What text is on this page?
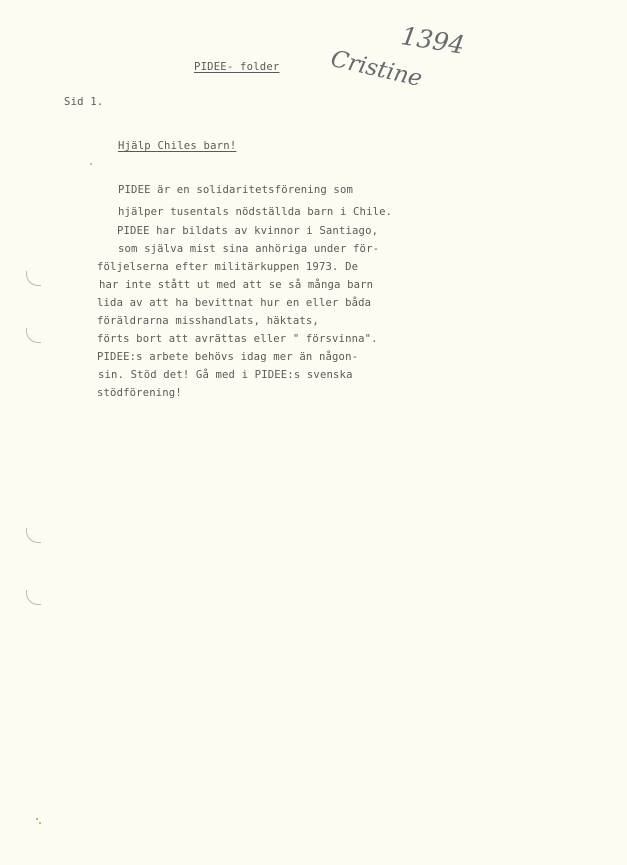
1394
Cristine
PIDEE- folder
Sid 1.
Hjälp Chiles barn!
PIDEE är en solidaritetsförening som
hjälper tusentals nödställda barn i Chile.
PIDEE har bildats av kvinnor i Santiago,
som själva mist sina anhöriga under för-
följelserna efter militärkuppen 1973. De
har inte stått ut med att se så många barn
lida av att ha bevittnat hur en eller båda
föräldrarna misshandlats, häktats,
förts bort att avrättas eller " försvinna".
PIDEE:s arbete behövs idag mer än någon-
sin. Stöd det! Gå med i PIDEE:s svenska
stödförening!
